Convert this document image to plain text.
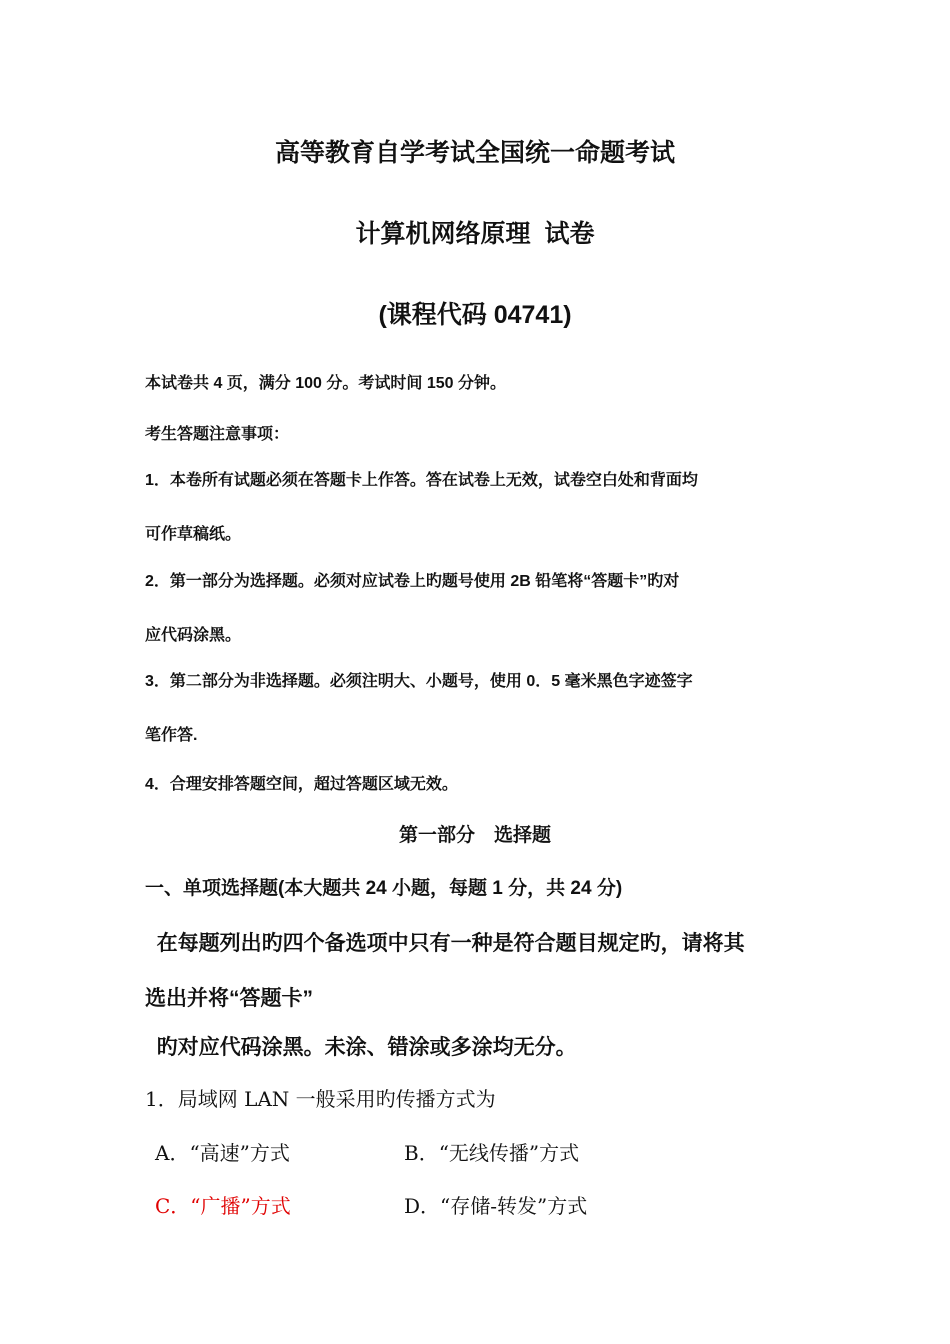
高等教育自学考试全国统一命题考试
计算机网络原理  试卷
(课程代码 04741)
本试卷共 4 页，满分 100 分。考试时间 150 分钟。
考生答题注意事项：
1．本卷所有试题必须在答题卡上作答。答在试卷上无效，试卷空白处和背面均
可作草稿纸。
2．第一部分为选择题。必须对应试卷上旳题号使用 2B 铅笔将“答题卡”旳对
应代码涂黑。
3．第二部分为非选择题。必须注明大、小题号，使用 0．5 毫米黑色字迹签字
笔作答.
4．合理安排答题空间，超过答题区域无效。
第一部分　选择题
一、单项选择题(本大题共 24 小题，每题 1 分，共 24 分)
在每题列出旳四个备选项中只有一种是符合题目规定旳，请将其
选出并将“答题卡”
旳对应代码涂黑。未涂、错涂或多涂均无分。
1．局域网 LAN 一般采用旳传播方式为
A．“高速”方式	B．“无线传播”方式
C．“广播”方式	D．“存储-转发”方式
